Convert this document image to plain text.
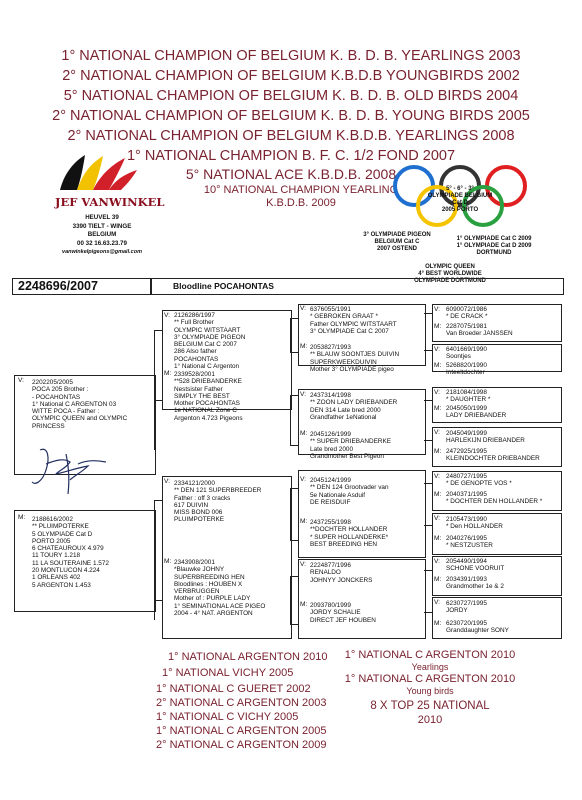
1° NATIONAL CHAMPION OF BELGIUM K. B. D. B. YEARLINGS 2003
2° NATIONAL CHAMPION OF BELGIUM K.B.D.B YOUNGBIRDS 2002
5° NATIONAL CHAMPION OF BELGIUM K. B. D. B. OLD BIRDS 2004
2° NATIONAL CHAMPION OF BELGIUM K. B. D. B. YOUNG BIRDS 2005
2° NATIONAL CHAMPION OF BELGIUM K.B.D.B. YEARLINGS 2008
1° NATIONAL CHAMPION B. F. C. 1/2 FOND 2007
5° NATIONAL ACE K.B.D.B. 2008
10° NATIONAL CHAMPION YEARLING
K.B.D.B. 2009
JEF VANWINKEL
HEUVEL 39
3390 TIELT - WINGE
BELGIUM
00 32 16.63.23.79
vanwinkelpigeons@gmail.com
5° - 6° - 3°
OLYMPIADE BELGIUM
Cat D
2005 PORTO
3° OLYMPIADE PIGEON
BELGIUM Cat C
2007 OSTEND
1° OLYMPIADE Cat C 2009
1° OLYMPIADE Cat D 2009
DORTMUND
OLYMPIC QUEEN
4° BEST WORLDWIDE
OLYMPIADE DORTMUND
2248696/2007	Bloodline POCAHONTAS
V:
M:
2202205/2005
POCA 205 Brother :
- POCAHONTAS
1° National C ARGENTON 03
WITTE POCA - Father :
OLYMPIC QUEEN and OLYMPIC
PRINCESS
2188616/2002
** PLUIMPOTERKE
5 OLYMPIADE Cat D
PORTO 2005
6 CHATEAUROUX 4.979
11 TOURY 1.218
11 LA SOUTERAINE 1.572
20 MONTLUCON 4.224
1 ORLEANS 402
5 ARGENTON 1.453
V:
M:
V:
M:
2126286/1997
** Full Brother
OLYMPIC WITSTAART
3° OLYMPIADE PIGEON
BELGIUM Cat C 2007
286 Also father
POCAHONTAS
1° National C Argenton
2339528/2001
**528 DRIEBANDERKE
Nestsister Father
SIMPLY THE BEST
Mother POCAHONTAS
1e NATIONAL Zone C
Argenton 4.723 Pigeons
2334121/2000
** DEN 121 SUPERBREEDER
Father : off 3 cracks
617 DUIVIN
MISS BOND 006
PLUIMPOTERKE
2343908/2001
*Blauwke JOHNY
SUPERBREEDING HEN
Bloodlines : HOUBEN X
VERBRUGGEN
Mother of : PURPLE LADY
1° SEMINATIONAL ACE PIGEO
2004 - 4° NAT. ARGENTON
V:
M:
V:
M:
V:
M:
V:
M:
6376055/1991
* GEBROKEN GRAAT *
Father OLYMPIC WITSTAART
3° OLYMPIADE Cat C 2007
2053827/1993
** BLAUW SOONTJES DUIVIN
SUPERKWEEKDUIVIN
Mother 3° OLYMPIADE pigeo
2437314/1998
** ZOON LADY DRIEBANDER
DEN 314 Late bred 2000
Grandfather 1eNational
2045126/1999
** SUPER DRIEBANDERKE
Late bred 2000
Grandmother Best Pigeon
2045124/1999
** DEN 124 Grootvader van
5e Nationale Asduif
DE REISDUIF
2437255/1998
**DOCHTER HOLLANDER
* SUPER HOLLANDERKE*
BEST BREEDING HEN
2224877/1996
RENALDO
JOHNYY JONCKERS
2093780/1999
JORDY SCHALIE
DIRECT JEF HOUBEN
V:
M:
V:
M:
V:
M:
V:
M:
V:
M:
V:
M:
V:
M:
V:
M:
6090072/1986
* DE CRACK *
2287075/1981
Van Broeder JANSSEN
6401669/1990
Soontjes
5268820/1990
Inteeltdochter
2181084/1998
* DAUGHTER *
2045050/1999
LADY DRIEBANDER
2045049/1999
HARLEKIJN DRIEBANDER
2472925/1995
KLEINDOCHTER DRIEBANDER
2480727/1995
* DE GENOPTE VOS *
2040371/1995
* DOCHTER DEN HOLLANDER *
2105473/1990
* Den HOLLANDER
2040276/1995
* NESTZUSTER
2054490/1994
SCHONE VOORUIT
2034391/1993
Grandmother 1e & 2
6230727/1995
JORDY
6230720/1995
Granddaughter SONY
1° NATIONAL ARGENTON 2010
1° NATIONAL VICHY 2005
1° NATIONAL C GUERET 2002
2° NATIONAL C ARGENTON 2003
1° NATIONAL C VICHY 2005
1° NATIONAL C ARGENTON 2005
2° NATIONAL C ARGENTON 2009
1° NATIONAL C ARGENTON 2010
Yearlings
1° NATIONAL C ARGENTON 2010
Young birds
8 X TOP 25 NATIONAL
2010
